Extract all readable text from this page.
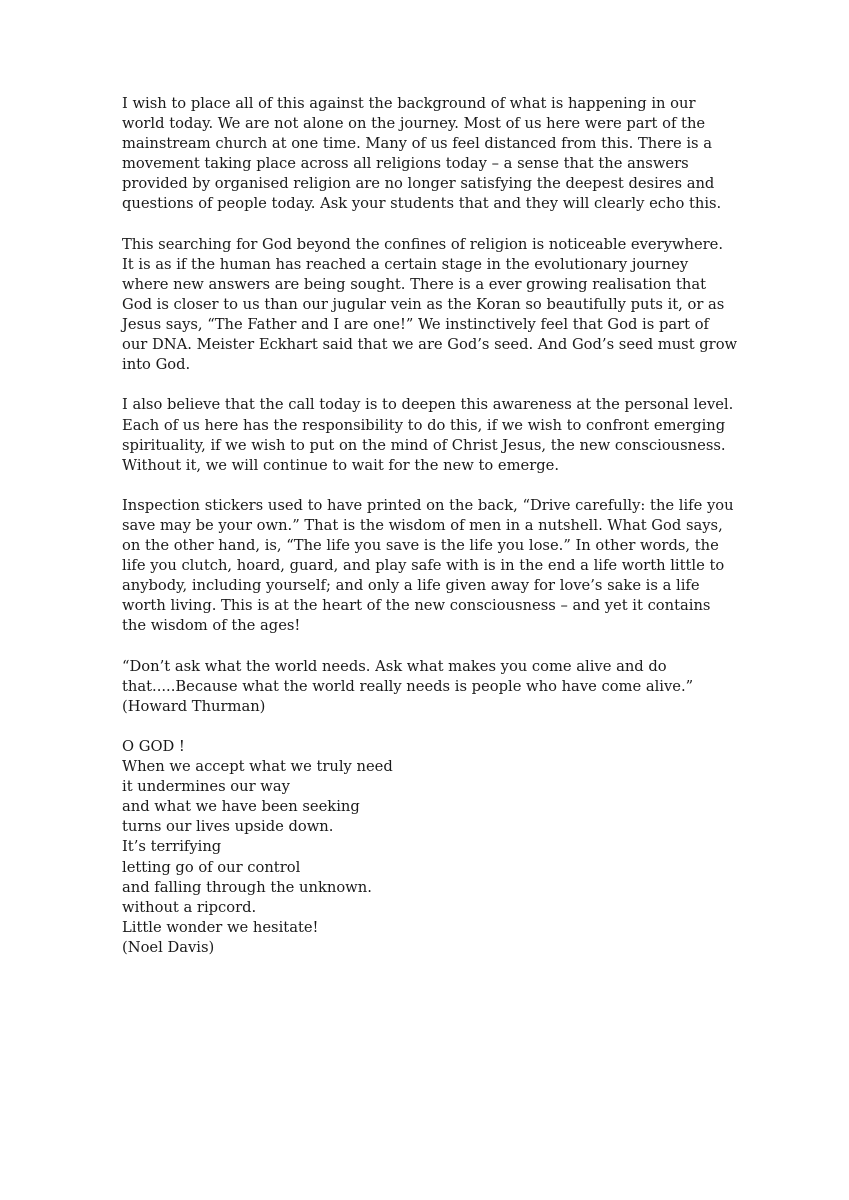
I wish to place all of this against the background of what is happening in our
world today. We are not alone on the journey. Most of us here were part of the
mainstream church at one time. Many of us feel distanced from this. There is a
movement taking place across all religions today – a sense that the answers
provided by organised religion are no longer satisfying the deepest desires and
questions of people today. Ask your students that and they will clearly echo this.
This searching for God beyond the confines of religion is noticeable everywhere.
It is as if the human has reached a certain stage in the evolutionary journey
where new answers are being sought. There is a ever growing realisation that
God is closer to us than our jugular vein as the Koran so beautifully puts it, or as
Jesus says, “The Father and I are one!” We instinctively feel that God is part of
our DNA. Meister Eckhart said that we are God’s seed. And God’s seed must grow
into God.
I also believe that the call today is to deepen this awareness at the personal level.
Each of us here has the responsibility to do this, if we wish to confront emerging
spirituality, if we wish to put on the mind of Christ Jesus, the new consciousness.
Without it, we will continue to wait for the new to emerge.
Inspection stickers used to have printed on the back, “Drive carefully: the life you
save may be your own.” That is the wisdom of men in a nutshell. What God says,
on the other hand, is, “The life you save is the life you lose.” In other words, the
life you clutch, hoard, guard, and play safe with is in the end a life worth little to
anybody, including yourself; and only a life given away for love’s sake is a life
worth living. This is at the heart of the new consciousness – and yet it contains
the wisdom of the ages!
“Don’t ask what the world needs. Ask what makes you come alive and do
that.....Because what the world really needs is people who have come alive.”
(Howard Thurman)
O GOD !
When we accept what we truly need
it undermines our way
and what we have been seeking
turns our lives upside down.
It’s terrifying
letting go of our control
and falling through the unknown.
without a ripcord.
Little wonder we hesitate!
(Noel Davis)
